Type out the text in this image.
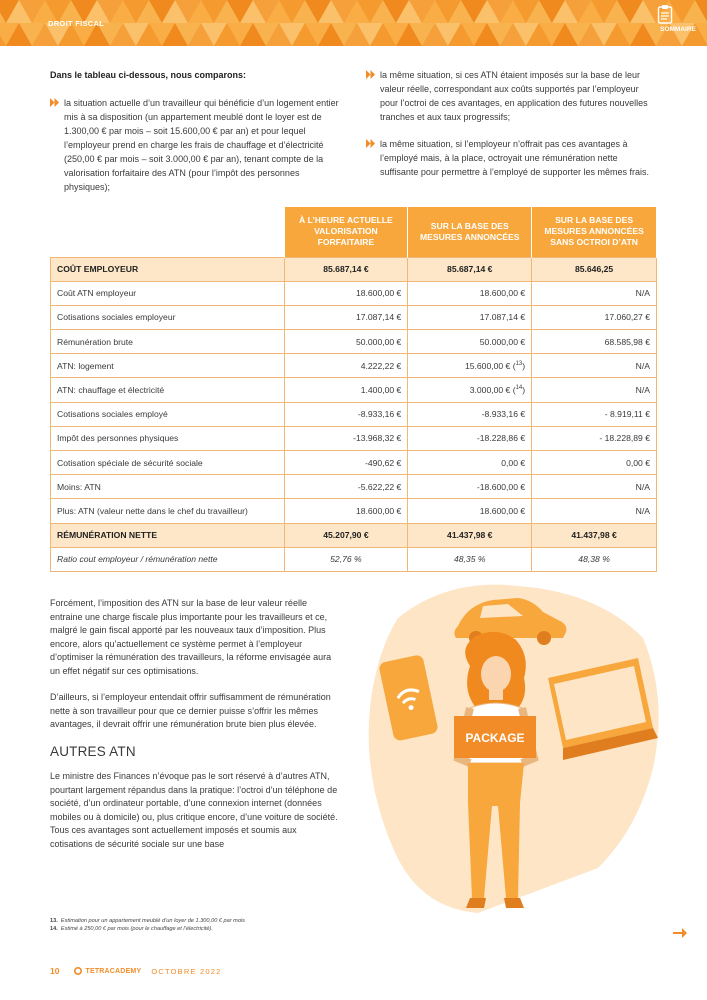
DROIT FISCAL
SOMMAIRE
Dans le tableau ci-dessous, nous comparons:
la situation actuelle d’un travailleur qui bénéficie d’un logement entier mis à sa disposition (un appartement meublé dont le loyer est de 1.300,00 € par mois – soit 15.600,00 € par an) et pour lequel l’employeur prend en charge les frais de chauffage et d’électricité (250,00 € par mois – soit 3.000,00 € par an), tenant compte de la valorisation forfaitaire des ATN (pour l’impôt des personnes physiques);
la même situation, si ces ATN étaient imposés sur la base de leur valeur réelle, correspondant aux coûts supportés par l’employeur pour l’octroi de ces avantages, en application des futures nouvelles tranches et aux taux progressifs;
la même situation, si l’employeur n’offrait pas ces avantages à l’employé mais, à la place, octroyait une rémunération nette suffisante pour permettre à l’employé de supporter les mêmes frais.
	À L’HEURE ACTUELLE VALORISATION FORFAITAIRE	SUR LA BASE DES MESURES ANNONCÉES	SUR LA BASE DES MESURES ANNONCÉES SANS OCTROI D’ATN
COÛT EMPLOYEUR	85.687,14 €	85.687,14 €	85.646,25
Coût ATN employeur	18.600,00 €	18.600,00 €	N/A
Cotisations sociales employeur	17.087,14 €	17.087,14 €	17.060,27 €
Rémunération brute	50.000,00 €	50.000,00 €	68.585,98 €
ATN: logement	4.222,22 €	15.600,00 € ($^{13}$)	N/A
ATN: chauffage et électricité	1.400,00 €	3.000,00 € ($^{14}$)	N/A
Cotisations sociales employé	-8.933,16 €	-8.933,16 €	- 8.919,11 €
Impôt des personnes physiques	-13.968,32 €	-18.228,86 €	- 18.228,89 €
Cotisation spéciale de sécurité sociale	-490,62 €	0,00 €	0,00 €
Moins: ATN	-5.622,22 €	-18.600,00 €	N/A
Plus: ATN (valeur nette dans le chef du travailleur)	18.600,00 €	18.600,00 €	N/A
RÉMUNÉRATION NETTE	45.207,90 €	41.437,98 €	41.437,98 €
Ratio cout employeur / rémunération nette	52,76 %	48,35 %	48,38 %

Forcément, l’imposition des ATN sur la base de leur valeur réelle entraine une charge fiscale plus importante pour les travailleurs et ce, malgré le gain fiscal apporté par les nouveaux taux d’imposition. Plus encore, alors qu’actuellement ce système permet à l’employeur d’optimiser la rémunération des travailleurs, la réforme envisagée aura un effet négatif sur ces optimisations.

D’ailleurs, si l’employeur entendait offrir suffisamment de rémunération nette à son travailleur pour que ce dernier puisse s’offrir les mêmes avantages, il devrait offrir une rémunération brute bien plus élevée.

AUTRES ATN

Le ministre des Finances n’évoque pas le sort réservé à d’autres ATN, pourtant largement répandus dans la pratique: l’octroi d’un téléphone de société, d’un ordinateur portable, d’une connexion internet (données mobiles ou à domicile) ou, plus critique encore, d’une voiture de société. Tous ces avantages sont actuellement imposés et soumis aux cotisations de sécurité sociale sur une base

PACKAGE
13. Estimation pour un appartement meublé d’un loyer de 1.300,00 € par mois
14. Estimé à 250,00 € par mois (pour le chauffage et l’électricité).
10	TETRACADEMY OCTOBRE 2022
